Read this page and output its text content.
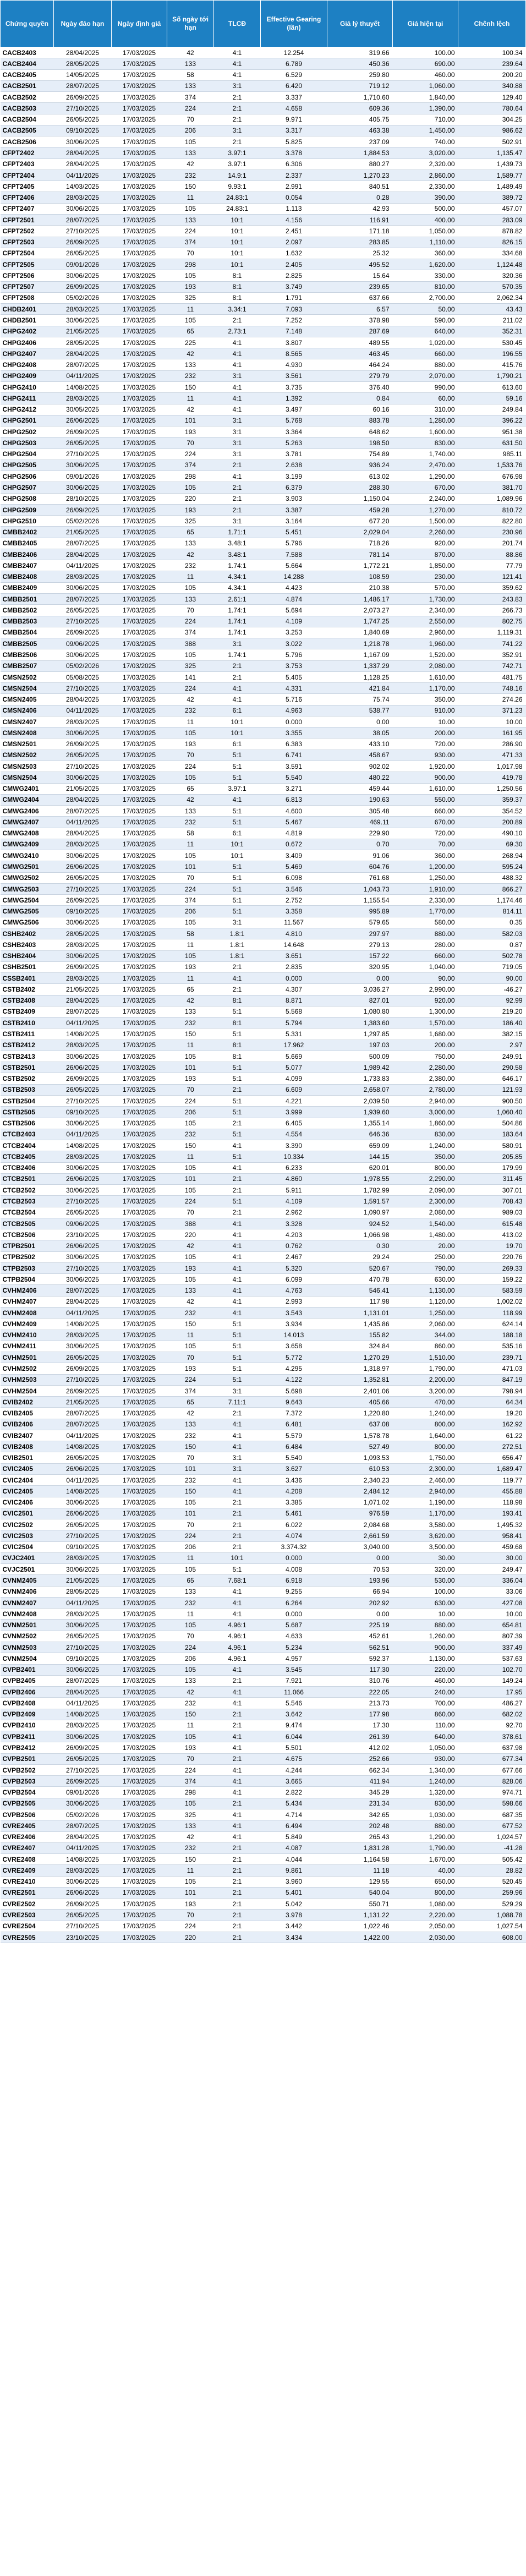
Chứng quyền	Ngày đáo hạn	Ngày định giá	Số ngày tới hạn	TLCĐ	Effective Gearing (lần)	Giá lý thuyết	Giá hiện tại	Chênh lệch
CACB2403	28/04/2025	17/03/2025	42	4:1	12.254	319.66	100.00	100.34
CACB2404	28/05/2025	17/03/2025	133	4:1	6.789	450.36	690.00	239.64
CACB2405	14/05/2025	17/03/2025	58	4:1	6.529	259.80	460.00	200.20
CACB2501	28/07/2025	17/03/2025	133	3:1	6.420	719.12	1,060.00	340.88
CACB2502	26/09/2025	17/03/2025	374	2:1	3.337	1,710.60	1,840.00	129.40
CACB2503	27/10/2025	17/03/2025	224	2:1	4.658	609.36	1,390.00	780.64
CACB2504	26/05/2025	17/03/2025	70	2:1	9.971	405.75	710.00	304.25
CACB2505	09/10/2025	17/03/2025	206	3:1	3.317	463.38	1,450.00	986.62
CACB2506	30/06/2025	17/03/2025	105	2:1	5.825	237.09	740.00	502.91
CFPT2402	28/04/2025	17/03/2025	133	3.97:1	3.378	1,884.53	3,020.00	1,135.47
CFPT2403	28/04/2025	17/03/2025	42	3.97:1	6.306	880.27	2,320.00	1,439.73
CFPT2404	04/11/2025	17/03/2025	232	14.9:1	2.337	1,270.23	2,860.00	1,589.77
CFPT2405	14/03/2025	17/03/2025	150	9.93:1	2.991	840.51	2,330.00	1,489.49
CFPT2406	28/03/2025	17/03/2025	11	24.83:1	0.054	0.28	390.00	389.72
CFPT2407	30/06/2025	17/03/2025	105	24.83:1	1.113	42.93	500.00	457.07
CFPT2501	28/07/2025	17/03/2025	133	10:1	4.156	116.91	400.00	283.09
CFPT2502	27/10/2025	17/03/2025	224	10:1	2.451	171.18	1,050.00	878.82
CFPT2503	26/09/2025	17/03/2025	374	10:1	2.097	283.85	1,110.00	826.15
CFPT2504	26/05/2025	17/03/2025	70	10:1	1.632	25.32	360.00	334.68
CFPT2505	09/01/2026	17/03/2025	298	10:1	2.405	495.52	1,620.00	1,124.48
CFPT2506	30/06/2025	17/03/2025	105	8:1	2.825	15.64	330.00	320.36
CFPT2507	26/09/2025	17/03/2025	193	8:1	3.749	239.65	810.00	570.35
CFPT2508	05/02/2026	17/03/2025	325	8:1	1.791	637.66	2,700.00	2,062.34
CHDB2401	28/03/2025	17/03/2025	11	3.34:1	7.093	6.57	50.00	43.43
CHDB2501	30/06/2025	17/03/2025	105	2:1	7.252	378.98	590.00	211.02
CHPG2402	21/05/2025	17/03/2025	65	2.73:1	7.148	287.69	640.00	352.31
CHPG2406	28/05/2025	17/03/2025	225	4:1	3.807	489.55	1,020.00	530.45
CHPG2407	28/04/2025	17/03/2025	42	4:1	8.565	463.45	660.00	196.55
CHPG2408	28/07/2025	17/03/2025	133	4:1	4.930	464.24	880.00	415.76
CHPG2409	04/11/2025	17/03/2025	232	3:1	3.561	279.79	2,070.00	1,790.21
CHPG2410	14/08/2025	17/03/2025	150	4:1	3.735	376.40	990.00	613.60
CHPG2411	28/03/2025	17/03/2025	11	4:1	1.392	0.84	60.00	59.16
CHPG2412	30/05/2025	17/03/2025	42	4:1	3.497	60.16	310.00	249.84
CHPG2501	26/06/2025	17/03/2025	101	3:1	5.768	883.78	1,280.00	396.22
CHPG2502	26/09/2025	17/03/2025	193	3:1	3.364	648.62	1,600.00	951.38
CHPG2503	26/05/2025	17/03/2025	70	3:1	5.263	198.50	830.00	631.50
CHPG2504	27/10/2025	17/03/2025	224	3:1	3.781	754.89	1,740.00	985.11
CHPG2505	30/06/2025	17/03/2025	374	2:1	2.638	936.24	2,470.00	1,533.76
CHPG2506	09/01/2026	17/03/2025	298	4:1	3.199	613.02	1,290.00	676.98
CHPG2507	30/06/2025	17/03/2025	105	2:1	6.379	288.30	670.00	381.70
CHPG2508	28/10/2025	17/03/2025	220	2:1	3.903	1,150.04	2,240.00	1,089.96
CHPG2509	26/09/2025	17/03/2025	193	2:1	3.387	459.28	1,270.00	810.72
CHPG2510	05/02/2026	17/03/2025	325	3:1	3.164	677.20	1,500.00	822.80
CMBB2402	21/05/2025	17/03/2025	65	1.71:1	5.451	2,029.04	2,260.00	230.96
CMBB2405	28/07/2025	17/03/2025	133	3.48:1	5.796	718.26	920.00	201.74
CMBB2406	28/04/2025	17/03/2025	42	3.48:1	7.588	781.14	870.00	88.86
CMBB2407	04/11/2025	17/03/2025	232	1.74:1	5.664	1,772.21	1,850.00	77.79
CMBB2408	28/03/2025	17/03/2025	11	4.34:1	14.288	108.59	230.00	121.41
CMBB2409	30/06/2025	17/03/2025	105	4.34:1	4.423	210.38	570.00	359.62
CMBB2501	28/07/2025	17/03/2025	133	2.61:1	4.874	1,486.17	1,730.00	243.83
CMBB2502	26/05/2025	17/03/2025	70	1.74:1	5.694	2,073.27	2,340.00	266.73
CMBB2503	27/10/2025	17/03/2025	224	1.74:1	4.109	1,747.25	2,550.00	802.75
CMBB2504	26/09/2025	17/03/2025	374	1.74:1	3.253	1,840.69	2,960.00	1,119.31
CMBB2505	09/06/2025	17/03/2025	388	3:1	3.022	1,218.78	1,960.00	741.22
CMBB2506	30/06/2025	17/03/2025	105	1.74:1	5.796	1,167.09	1,520.00	352.91
CMBB2507	05/02/2026	17/03/2025	325	2:1	3.753	1,337.29	2,080.00	742.71
CMSN2502	05/08/2025	17/03/2025	141	2:1	5.405	1,128.25	1,610.00	481.75
CMSN2504	27/10/2025	17/03/2025	224	4:1	4.331	421.84	1,170.00	748.16
CMSN2405	28/04/2025	17/03/2025	42	4:1	5.716	75.74	350.00	274.26
CMSN2406	04/11/2025	17/03/2025	232	6:1	4.963	538.77	910.00	371.23
CMSN2407	28/03/2025	17/03/2025	11	10:1	0.000	0.00	10.00	10.00
CMSN2408	30/06/2025	17/03/2025	105	10:1	3.355	38.05	200.00	161.95
CMSN2501	26/09/2025	17/03/2025	193	6:1	6.383	433.10	720.00	286.90
CMSN2502	26/05/2025	17/03/2025	70	5:1	6.741	458.67	930.00	471.33
CMSN2503	27/10/2025	17/03/2025	224	5:1	3.591	902.02	1,920.00	1,017.98
CMSN2504	30/06/2025	17/03/2025	105	5:1	5.540	480.22	900.00	419.78
CMWG2401	21/05/2025	17/03/2025	65	3.97:1	3.271	459.44	1,610.00	1,250.56
CMWG2404	28/04/2025	17/03/2025	42	4:1	6.813	190.63	550.00	359.37
CMWG2406	28/07/2025	17/03/2025	133	5:1	4.600	305.48	660.00	354.52
CMWG2407	04/11/2025	17/03/2025	232	5:1	5.467	469.11	670.00	200.89
CMWG2408	28/04/2025	17/03/2025	58	6:1	4.819	229.90	720.00	490.10
CMWG2409	28/03/2025	17/03/2025	11	10:1	0.672	0.70	70.00	69.30
CMWG2410	30/06/2025	17/03/2025	105	10:1	3.409	91.06	360.00	268.94
CMWG2501	26/06/2025	17/03/2025	101	5:1	5.469	604.76	1,200.00	595.24
CMWG2502	26/05/2025	17/03/2025	70	5:1	6.098	761.68	1,250.00	488.32
CMWG2503	27/10/2025	17/03/2025	224	5:1	3.546	1,043.73	1,910.00	866.27
CMWG2504	26/09/2025	17/03/2025	374	5:1	2.752	1,155.54	2,330.00	1,174.46
CMWG2505	09/10/2025	17/03/2025	206	5:1	3.358	995.89	1,770.00	814.11
CMWG2506	30/06/2025	17/03/2025	105	3:1	11.567	579.65	580.00	0.35
CSHB2402	28/05/2025	17/03/2025	58	1.8:1	4.810	297.97	880.00	582.03
CSHB2403	28/03/2025	17/03/2025	11	1.8:1	14.648	279.13	280.00	0.87
CSHB2404	30/06/2025	17/03/2025	105	1.8:1	3.651	157.22	660.00	502.78
CSHB2501	26/09/2025	17/03/2025	193	2:1	2.835	320.95	1,040.00	719.05
CSSB2401	28/03/2025	17/03/2025	11	4:1	0.000	0.00	90.00	90.00
CSTB2402	21/05/2025	17/03/2025	65	2:1	4.307	3,036.27	2,990.00	-46.27
CSTB2408	28/04/2025	17/03/2025	42	8:1	8.871	827.01	920.00	92.99
CSTB2409	28/07/2025	17/03/2025	133	5:1	5.568	1,080.80	1,300.00	219.20
CSTB2410	04/11/2025	17/03/2025	232	8:1	5.794	1,383.60	1,570.00	186.40
CSTB2411	14/08/2025	17/03/2025	150	5:1	5.331	1,297.85	1,680.00	382.15
CSTB2412	28/03/2025	17/03/2025	11	8:1	17.962	197.03	200.00	2.97
CSTB2413	30/06/2025	17/03/2025	105	8:1	5.669	500.09	750.00	249.91
CSTB2501	26/06/2025	17/03/2025	101	5:1	5.077	1,989.42	2,280.00	290.58
CSTB2502	26/09/2025	17/03/2025	193	5:1	4.099	1,733.83	2,380.00	646.17
CSTB2503	26/05/2025	17/03/2025	70	2:1	6.609	2,658.07	2,780.00	121.93
CSTB2504	27/10/2025	17/03/2025	224	5:1	4.221	2,039.50	2,940.00	900.50
CSTB2505	09/10/2025	17/03/2025	206	5:1	3.999	1,939.60	3,000.00	1,060.40
CSTB2506	30/06/2025	17/03/2025	105	2:1	6.405	1,355.14	1,860.00	504.86
CTCB2403	04/11/2025	17/03/2025	232	5:1	4.554	646.36	830.00	183.64
CTCB2404	14/08/2025	17/03/2025	150	4:1	3.390	659.09	1,240.00	580.91
CTCB2405	28/03/2025	17/03/2025	11	5:1	10.334	144.15	350.00	205.85
CTCB2406	30/06/2025	17/03/2025	105	4:1	6.233	620.01	800.00	179.99
CTCB2501	26/06/2025	17/03/2025	101	2:1	4.860	1,978.55	2,290.00	311.45
CTCB2502	30/06/2025	17/03/2025	105	2:1	5.911	1,782.99	2,090.00	307.01
CTCB2503	27/10/2025	17/03/2025	224	5:1	4.109	1,591.57	2,300.00	708.43
CTCB2504	26/05/2025	17/03/2025	70	2:1	2.962	1,090.97	2,080.00	989.03
CTCB2505	09/06/2025	17/03/2025	388	4:1	3.328	924.52	1,540.00	615.48
CTCB2506	23/10/2025	17/03/2025	220	4:1	4.203	1,066.98	1,480.00	413.02
CTPB2501	26/06/2025	17/03/2025	42	4:1	0.762	0.30	20.00	19.70
CTPB2502	30/06/2025	17/03/2025	105	4:1	2.467	29.24	250.00	220.76
CTPB2503	27/10/2025	17/03/2025	193	4:1	5.320	520.67	790.00	269.33
CTPB2504	30/06/2025	17/03/2025	105	4:1	6.099	470.78	630.00	159.22
CVHM2406	28/07/2025	17/03/2025	133	4:1	4.763	546.41	1,130.00	583.59
CVHM2407	28/04/2025	17/03/2025	42	4:1	2.993	117.98	1,120.00	1,002.02
CVHM2408	04/11/2025	17/03/2025	232	4:1	3.543	1,131.01	1,250.00	118.99
CVHM2409	14/08/2025	17/03/2025	150	5:1	3.934	1,435.86	2,060.00	624.14
CVHM2410	28/03/2025	17/03/2025	11	5:1	14.013	155.82	344.00	188.18
CVHM2411	30/06/2025	17/03/2025	105	5:1	3.658	324.84	860.00	535.16
CVHM2501	26/05/2025	17/03/2025	70	5:1	5.772	1,270.29	1,510.00	239.71
CVHM2502	26/09/2025	17/03/2025	193	5:1	4.295	1,318.97	1,790.00	471.03
CVHM2503	27/10/2025	17/03/2025	224	5:1	4.122	1,352.81	2,200.00	847.19
CVHM2504	26/09/2025	17/03/2025	374	3:1	5.698	2,401.06	3,200.00	798.94
CVIB2402	21/05/2025	17/03/2025	65	7.11:1	9.643	405.66	470.00	64.34
CVIB2405	28/07/2025	17/03/2025	42	2:1	7.372	1,220.80	1,240.00	19.20
CVIB2406	28/07/2025	17/03/2025	133	4:1	6.481	637.08	800.00	162.92
CVIB2407	04/11/2025	17/03/2025	232	4:1	5.579	1,578.78	1,640.00	61.22
CVIB2408	14/08/2025	17/03/2025	150	4:1	6.484	527.49	800.00	272.51
CVIB2501	26/05/2025	17/03/2025	70	3:1	5.540	1,093.53	1,750.00	656.47
CVIC2405	26/06/2025	17/03/2025	101	3:1	3.627	610.53	2,300.00	1,689.47
CVIC2404	04/11/2025	17/03/2025	232	4:1	3.436	2,340.23	2,460.00	119.77
CVIC2405	14/08/2025	17/03/2025	150	4:1	4.208	2,484.12	2,940.00	455.88
CVIC2406	30/06/2025	17/03/2025	105	2:1	3.385	1,071.02	1,190.00	118.98
CVIC2501	26/06/2025	17/03/2025	101	2:1	5.461	976.59	1,170.00	193.41
CVIC2502	26/05/2025	17/03/2025	70	2:1	6.022	2,084.68	3,580.00	1,495.32
CVIC2503	27/10/2025	17/03/2025	224	2:1	4.074	2,661.59	3,620.00	958.41
CVIC2504	09/10/2025	17/03/2025	206	2:1	3.374.32	3,040.00	3,500.00	459.68
CVJC2401	28/03/2025	17/03/2025	11	10:1	0.000	0.00	30.00	30.00
CVJC2501	30/06/2025	17/03/2025	105	5:1	4.008	70.53	320.00	249.47
CVNM2405	21/05/2025	17/03/2025	65	7.68:1	6.918	193.96	530.00	336.04
CVNM2406	28/05/2025	17/03/2025	133	4:1	9.255	66.94	100.00	33.06
CVNM2407	04/11/2025	17/03/2025	232	4:1	6.264	202.92	630.00	427.08
CVNM2408	28/03/2025	17/03/2025	11	4:1	0.000	0.00	10.00	10.00
CVNM2501	30/06/2025	17/03/2025	105	4.96:1	5.687	225.19	880.00	654.81
CVNM2502	26/05/2025	17/03/2025	70	4.96:1	4.633	452.61	1,260.00	807.39
CVNM2503	27/10/2025	17/03/2025	224	4.96:1	5.234	562.51	900.00	337.49
CVNM2504	09/10/2025	17/03/2025	206	4.96:1	4.957	592.37	1,130.00	537.63
CVPB2401	30/06/2025	17/03/2025	105	4:1	3.545	117.30	220.00	102.70
CVPB2405	28/07/2025	17/03/2025	133	2:1	7.921	310.76	460.00	149.24
CVPB2406	28/04/2025	17/03/2025	42	4:1	11.066	222.05	240.00	17.95
CVPB2408	04/11/2025	17/03/2025	232	4:1	5.546	213.73	700.00	486.27
CVPB2409	14/08/2025	17/03/2025	150	2:1	3.642	177.98	860.00	682.02
CVPB2410	28/03/2025	17/03/2025	11	2:1	9.474	17.30	110.00	92.70
CVPB2411	30/06/2025	17/03/2025	105	4:1	6.044	261.39	640.00	378.61
CVPB2412	26/09/2025	17/03/2025	193	4:1	5.501	412.02	1,050.00	637.98
CVPB2501	26/05/2025	17/03/2025	70	2:1	4.675	252.66	930.00	677.34
CVPB2502	27/10/2025	17/03/2025	224	4:1	4.244	662.34	1,340.00	677.66
CVPB2503	26/09/2025	17/03/2025	374	4:1	3.665	411.94	1,240.00	828.06
CVPB2504	09/01/2026	17/03/2025	298	4:1	2.822	345.29	1,320.00	974.71
CVPB2505	30/06/2025	17/03/2025	105	2:1	5.434	231.34	830.00	598.66
CVPB2506	05/02/2026	17/03/2025	325	4:1	4.714	342.65	1,030.00	687.35
CVRE2405	28/07/2025	17/03/2025	133	4:1	6.494	202.48	880.00	677.52
CVRE2406	28/04/2025	17/03/2025	42	4:1	5.849	265.43	1,290.00	1,024.57
CVRE2407	04/11/2025	17/03/2025	232	2:1	4.087	1,831.28	1,790.00	-41.28
CVRE2408	14/08/2025	17/03/2025	150	2:1	4.044	1,164.58	1,670.00	505.42
CVRE2409	28/03/2025	17/03/2025	11	2:1	9.861	11.18	40.00	28.82
CVRE2410	30/06/2025	17/03/2025	105	2:1	3.960	129.55	650.00	520.45
CVRE2501	26/06/2025	17/03/2025	101	2:1	5.401	540.04	800.00	259.96
CVRE2502	26/09/2025	17/03/2025	193	2:1	5.042	550.71	1,080.00	529.29
CVRE2503	26/05/2025	17/03/2025	70	2:1	3.978	1,131.22	2,220.00	1,088.78
CVRE2504	27/10/2025	17/03/2025	224	2:1	3.442	1,022.46	2,050.00	1,027.54
CVRE2505	23/10/2025	17/03/2025	220	2:1	3.434	1,422.00	2,030.00	608.00
